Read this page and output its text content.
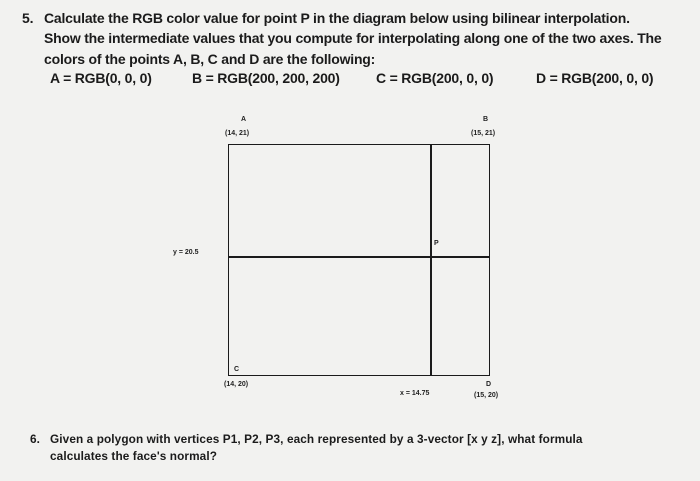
5. Calculate the RGB color value for point P in the diagram below using bilinear interpolation.
Show the intermediate values that you compute for interpolating along one of the two axes. The
colors of the points A, B, C and D are the following:
A = RGB(0, 0, 0)	B = RGB(200, 200, 200)	C = RGB(200, 0, 0)	D = RGB(200, 0, 0)
A
(14, 21)
B
(15, 21)
P
y = 20.5
C
(14, 20)	D
(15, 20)
x = 14.75
6. Given a polygon with vertices P1, P2, P3, each represented by a 3-vector [x y z], what formula
calculates the face's normal?
